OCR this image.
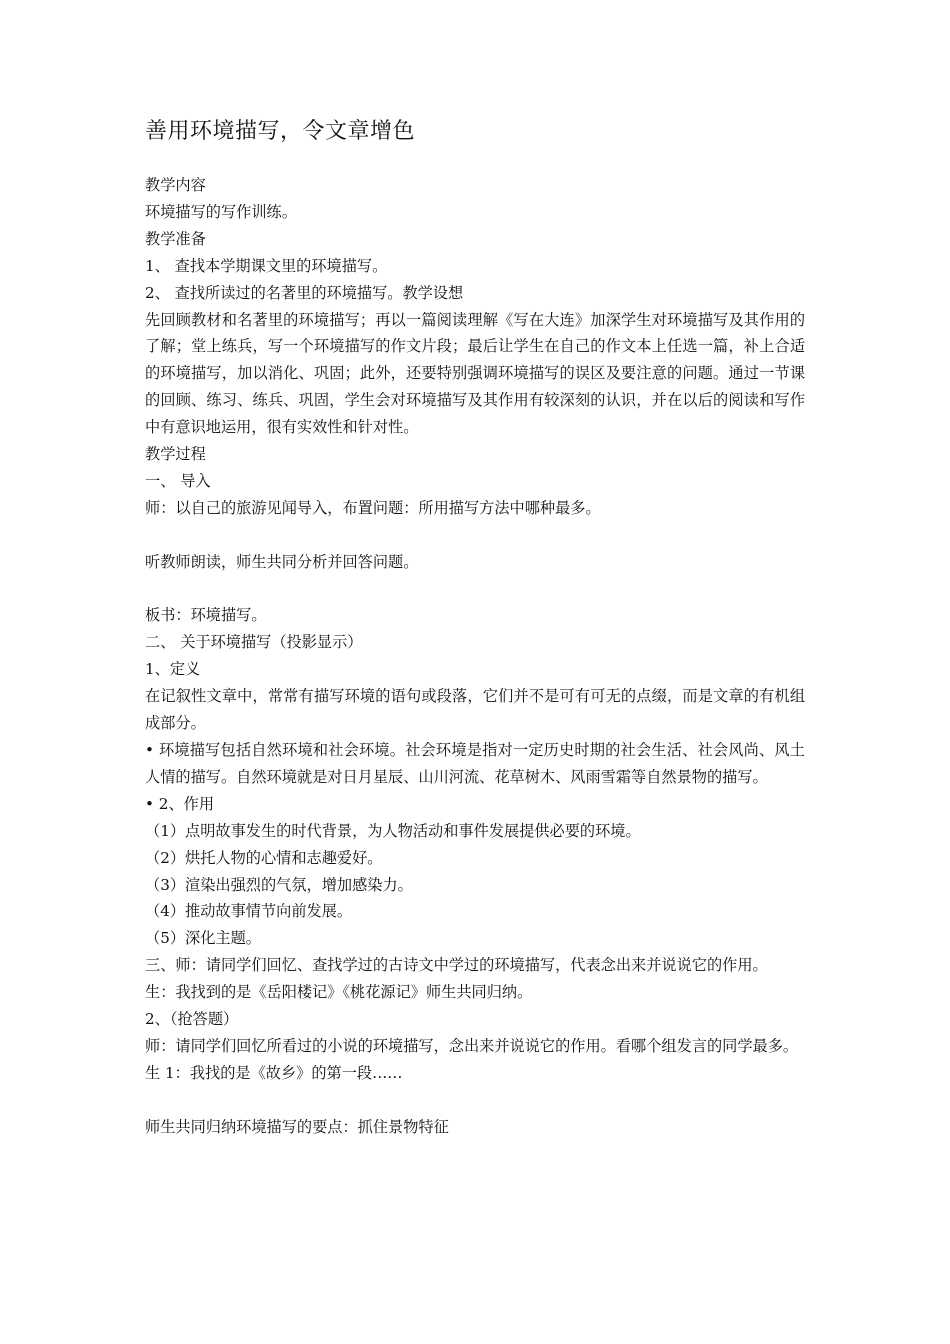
善用环境描写，令文章增色

教学内容

环境描写的写作训练。

教学准备

1、 查找本学期课文里的环境描写。

2、 查找所读过的名著里的环境描写。教学设想

先回顾教材和名著里的环境描写；再以一篇阅读理解《写在大连》加深学生对环境描写及其作用的了解；堂上练兵，写一个环境描写的作文片段；最后让学生在自己的作文本上任选一篇，补上合适的环境描写，加以消化、巩固；此外，还要特别强调环境描写的误区及要注意的问题。通过一节课的回顾、练习、练兵、巩固，学生会对环境描写及其作用有较深刻的认识，并在以后的阅读和写作中有意识地运用，很有实效性和针对性。

教学过程

一、 导入

师：以自己的旅游见闻导入，布置问题：所用描写方法中哪种最多。

听教师朗读，师生共同分析并回答问题。

板书：环境描写。

二、 关于环境描写（投影显示）

1、定义

在记叙性文章中，常常有描写环境的语句或段落，它们并不是可有可无的点缀，而是文章的有机组成部分。

• 环境描写包括自然环境和社会环境。社会环境是指对一定历史时期的社会生活、社会风尚、风土人情的描写。自然环境就是对日月星辰、山川河流、花草树木、风雨雪霜等自然景物的描写。

• 2、作用

（1）点明故事发生的时代背景，为人物活动和事件发展提供必要的环境。

（2）烘托人物的心情和志趣爱好。

（3）渲染出强烈的气氛，增加感染力。

（4）推动故事情节向前发展。

（5）深化主题。

三、师：请同学们回忆、查找学过的古诗文中学过的环境描写，代表念出来并说说它的作用。

生：我找到的是《岳阳楼记》《桃花源记》师生共同归纳。

2、（抢答题）

师：请同学们回忆所看过的小说的环境描写，念出来并说说它的作用。看哪个组发言的同学最多。

生 1：我找的是《故乡》的第一段……

师生共同归纳环境描写的要点：抓住景物特征
